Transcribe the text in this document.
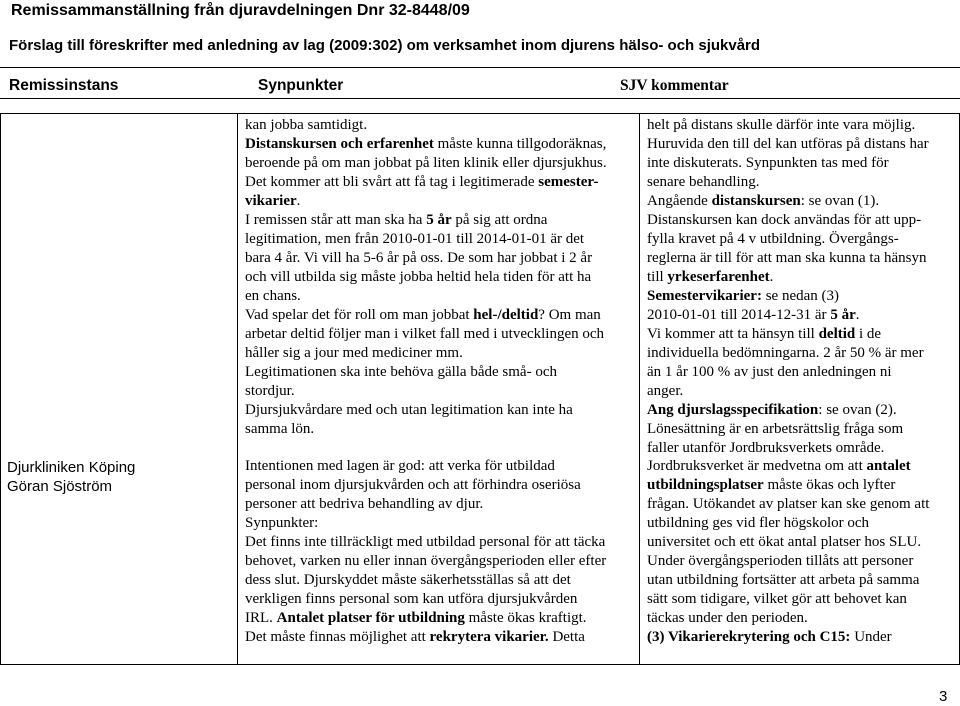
Remissammanställning från djuravdelningen Dnr 32-8448/09
Förslag till föreskrifter med anledning av lag (2009:302) om verksamhet inom djurens hälso- och sjukvård
Remissinstans	Synpunkter	SJV kommentar
Djurkliniken Köping
Göran Sjöström
kan jobba samtidigt.
Distanskursen och erfarenhet måste kunna tillgodoräknas,
beroende på om man jobbat på liten klinik eller djursjukhus.
Det kommer att bli svårt att få tag i legitimerade semester-
vikarier.
I remissen står att man ska ha 5 år på sig att ordna
legitimation, men från 2010-01-01 till 2014-01-01 är det
bara 4 år. Vi vill ha 5-6 år på oss. De som har jobbat i 2 år
och vill utbilda sig måste jobba heltid hela tiden för att ha
en chans.
Vad spelar det för roll om man jobbat hel-/deltid? Om man
arbetar deltid följer man i vilket fall med i utvecklingen och
håller sig a jour med mediciner mm.
Legitimationen ska inte behöva gälla både små- och
stordjur.
Djursjukvårdare med och utan legitimation kan inte ha
samma lön.
Intentionen med lagen är god: att verka för utbildad
personal inom djursjukvården och att förhindra oseriösa
personer att bedriva behandling av djur.
Synpunkter:
Det finns inte tillräckligt med utbildad personal för att täcka
behovet, varken nu eller innan övergångsperioden eller efter
dess slut. Djurskyddet måste säkerhetsställas så att det
verkligen finns personal som kan utföra djursjukvården
IRL. Antalet platser för utbildning måste ökas kraftigt.
Det måste finnas möjlighet att rekrytera vikarier. Detta
helt på distans skulle därför inte vara möjlig.
Huruvida den till del kan utföras på distans har
inte diskuterats. Synpunkten tas med för
senare behandling.
Angående distanskursen: se ovan (1).
Distanskursen kan dock användas för att upp-
fylla kravet på 4 v utbildning. Övergångs-
reglerna är till för att man ska kunna ta hänsyn
till yrkeserfarenhet.
Semestervikarier: se nedan (3)
2010-01-01 till 2014-12-31 är 5 år.
Vi kommer att ta hänsyn till deltid i de
individuella bedömningarna. 2 år 50 % är mer
än 1 år 100 % av just den anledningen ni
anger.
Ang djurslagsspecifikation: se ovan (2).
Lönesättning är en arbetsrättslig fråga som
faller utanför Jordbruksverkets område.
Jordbruksverket är medvetna om att antalet
utbildningsplatser måste ökas och lyfter
frågan. Utökandet av platser kan ske genom att
utbildning ges vid fler högskolor och
universitet och ett ökat antal platser hos SLU.
Under övergångsperioden tillåts att personer
utan utbildning fortsätter att arbeta på samma
sätt som tidigare, vilket gör att behovet kan
täckas under den perioden.
(3) Vikarierekrytering och C15: Under
3
